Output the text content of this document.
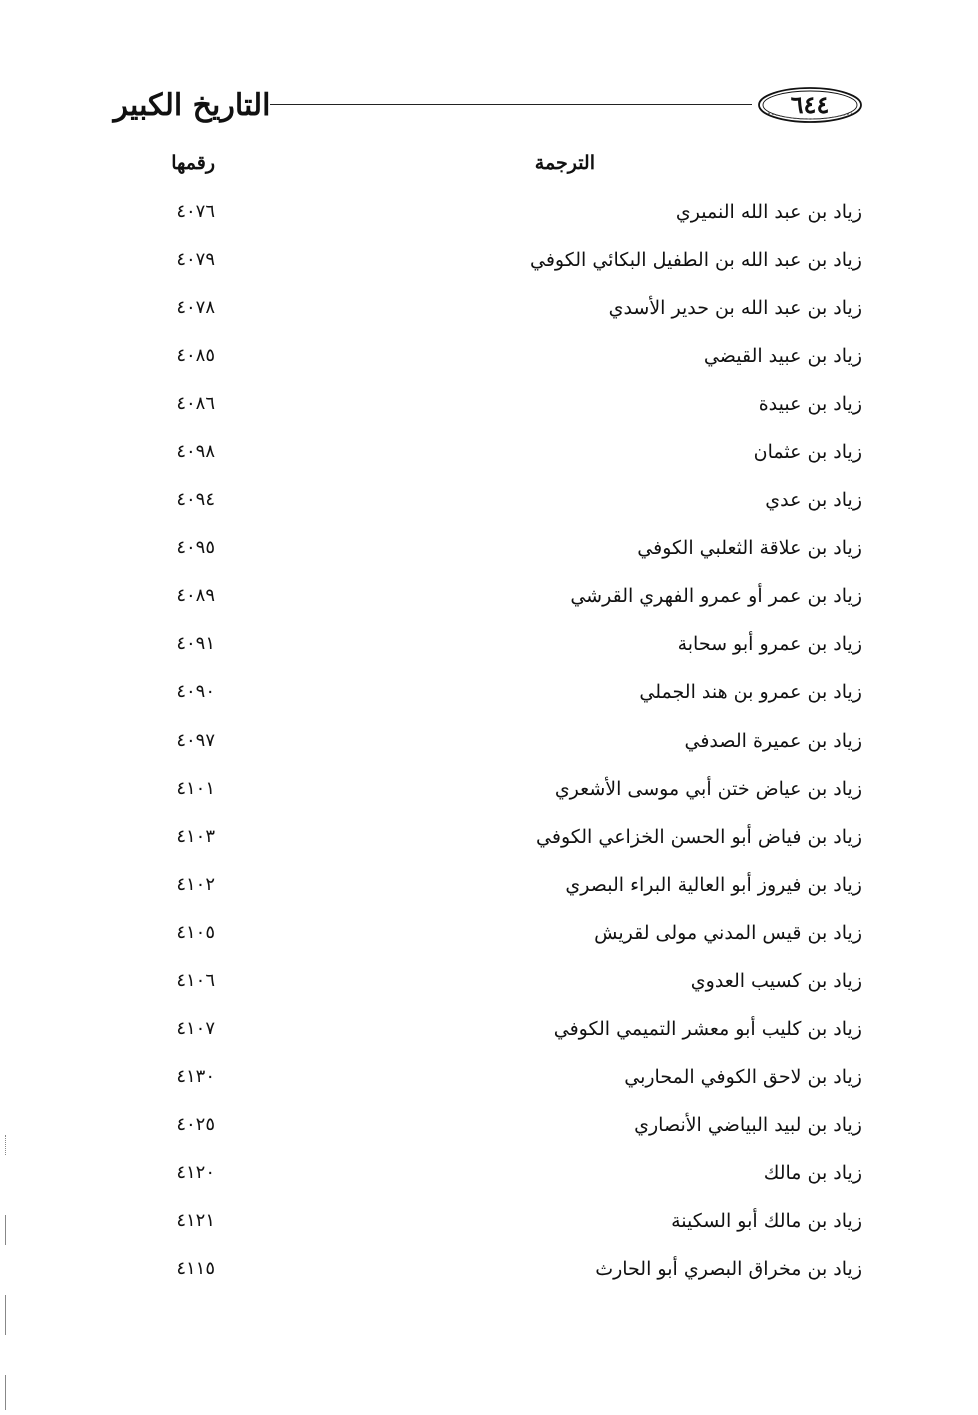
التاريخ الكبير	٦٤٤
الترجمة
رقمها
زياد بن عبد الله النميري
٤٠٧٦
زياد بن عبد الله بن الطفيل البكائي الكوفي
٤٠٧٩
زياد بن عبد الله بن حدير الأسدي
٤٠٧٨
زياد بن عبيد القيضي
٤٠٨٥
زياد بن عبيدة
٤٠٨٦
زياد بن عثمان
٤٠٩٨
زياد بن عدي
٤٠٩٤
زياد بن علاقة الثعلبي الكوفي
٤٠٩٥
زياد بن عمر أو عمرو الفهري القرشي
٤٠٨٩
زياد بن عمرو أبو سحابة
٤٠٩١
زياد بن عمرو بن هند الجملي
٤٠٩٠
زياد بن عميرة الصدفي
٤٠٩٧
زياد بن عياض ختن أبي موسى الأشعري
٤١٠١
زياد بن فياض أبو الحسن الخزاعي الكوفي
٤١٠٣
زياد بن فيروز أبو العالية البراء البصري
٤١٠٢
زياد بن قيس المدني مولى لقريش
٤١٠٥
زياد بن كسيب العدوي
٤١٠٦
زياد بن كليب أبو معشر التميمي الكوفي
٤١٠٧
زياد بن لاحق الكوفي المحاربي
٤١٣٠
زياد بن لبيد البياضي الأنصاري
٤٠٢٥
زياد بن مالك
٤١٢٠
زياد بن مالك أبو السكينة
٤١٢١
زياد بن مخراق البصري أبو الحارث
٤١١٥
